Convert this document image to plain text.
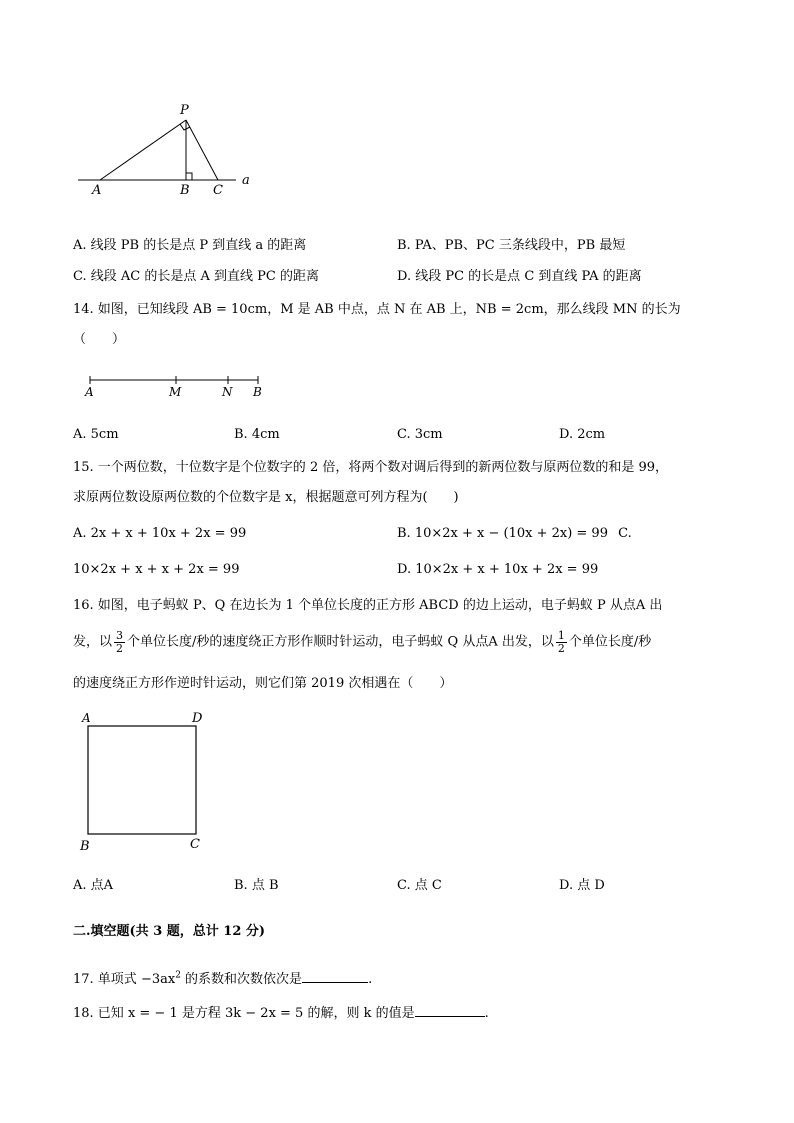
P
A	B C
a
A. 线段 PB 的长是点 P 到直线 a 的距离	B. PA、PB、PC 三条线段中，PB 最短
C. 线段 AC 的长是点 A 到直线 PC 的距离	D. 线段 PC 的长是点 C 到直线 PA 的距离
14. 如图，已知线段 AB = 10cm，M 是 AB 中点，点 N 在 AB 上，NB = 2cm，那么线段 MN 的长为
（　　）
A	M	N B
A. 5cm	B. 4cm	C. 3cm	D. 2cm
15. 一个两位数，十位数字是个位数字的 2 倍，将两个数对调后得到的新两位数与原两位数的和是 99，
求原两位数设原两位数的个位数字是 x，根据题意可列方程为(　　)
A. 2x + x + 10x + 2x = 99	B. 10×2x + x − (10x + 2x) = 99 C.
10×2x + x + x + 2x = 99	D. 10×2x + x + 10x + 2x = 99
16. 如图，电子蚂蚁 P、Q 在边长为 1 个单位长度的正方形 ABCD 的边上运动，电子蚂蚁 P 从点A 出
发，以 $\frac{3}{2}$ 个单位长度/秒的速度绕正方形作顺时针运动，电子蚂蚁 Q 从点A 出发，以 $\frac{1}{2}$ 个单位长度/秒
的速度绕正方形作逆时针运动，则它们第 2019 次相遇在（　　）
A	D
B	C
A. 点A	B. 点 B	C. 点 C	D. 点 D
二.填空题(共 3 题，总计 12 分)
17. 单项式 $-3ax^2$ 的系数和次数依次是	.
18. 已知 x = − 1 是方程 3k − 2x = 5 的解，则 k 的值是	.
